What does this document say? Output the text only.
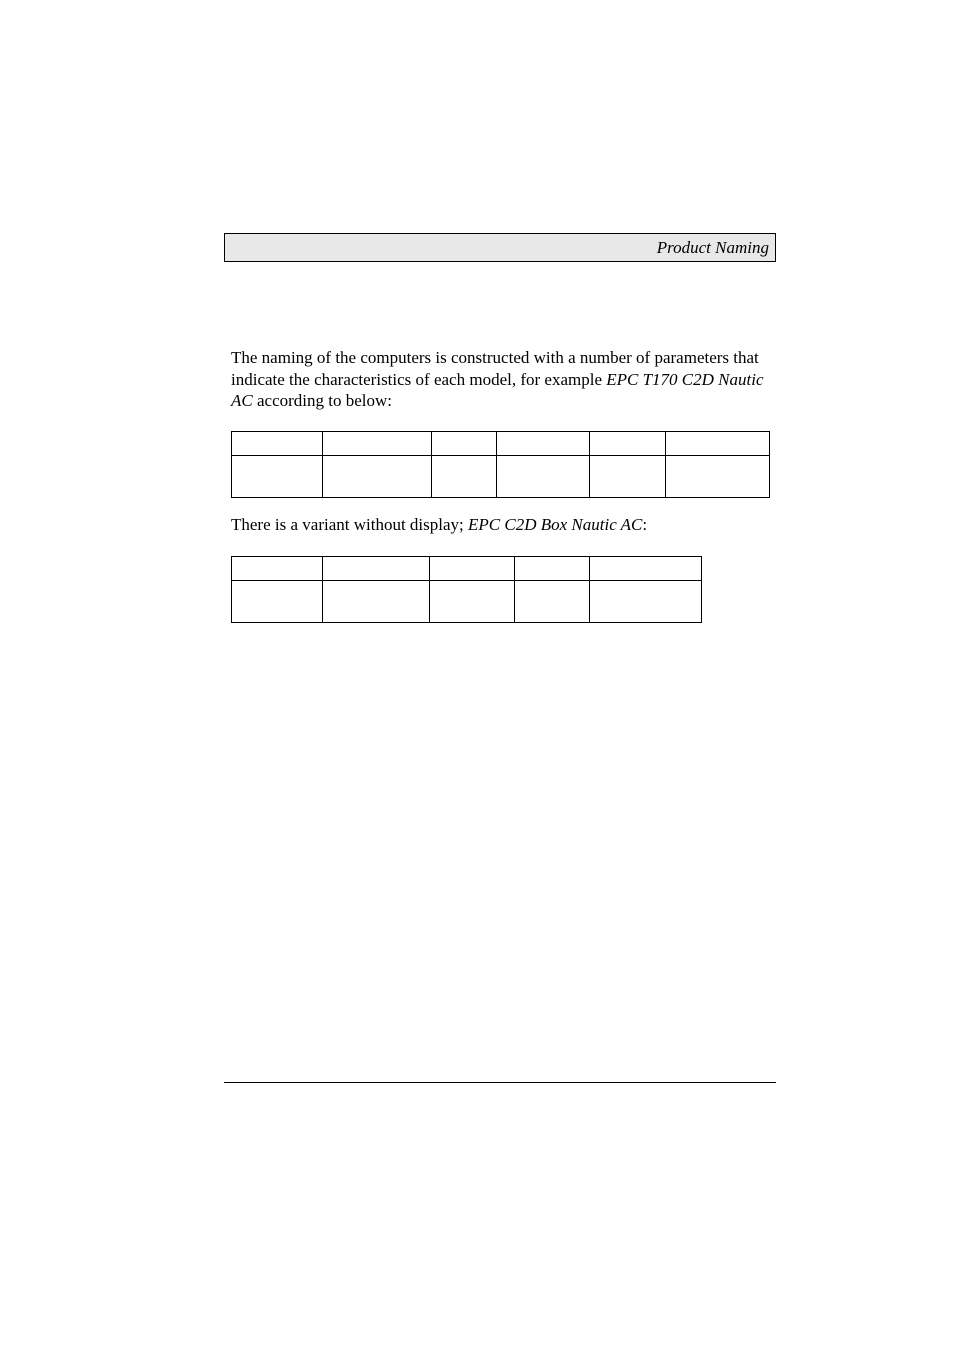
Product Naming

The naming of the computers is constructed with a number of parameters that indicate the characteristics of each model, for example EPC T170 C2D Nautic AC according to below:

There is a variant without display; EPC C2D Box Nautic AC:
